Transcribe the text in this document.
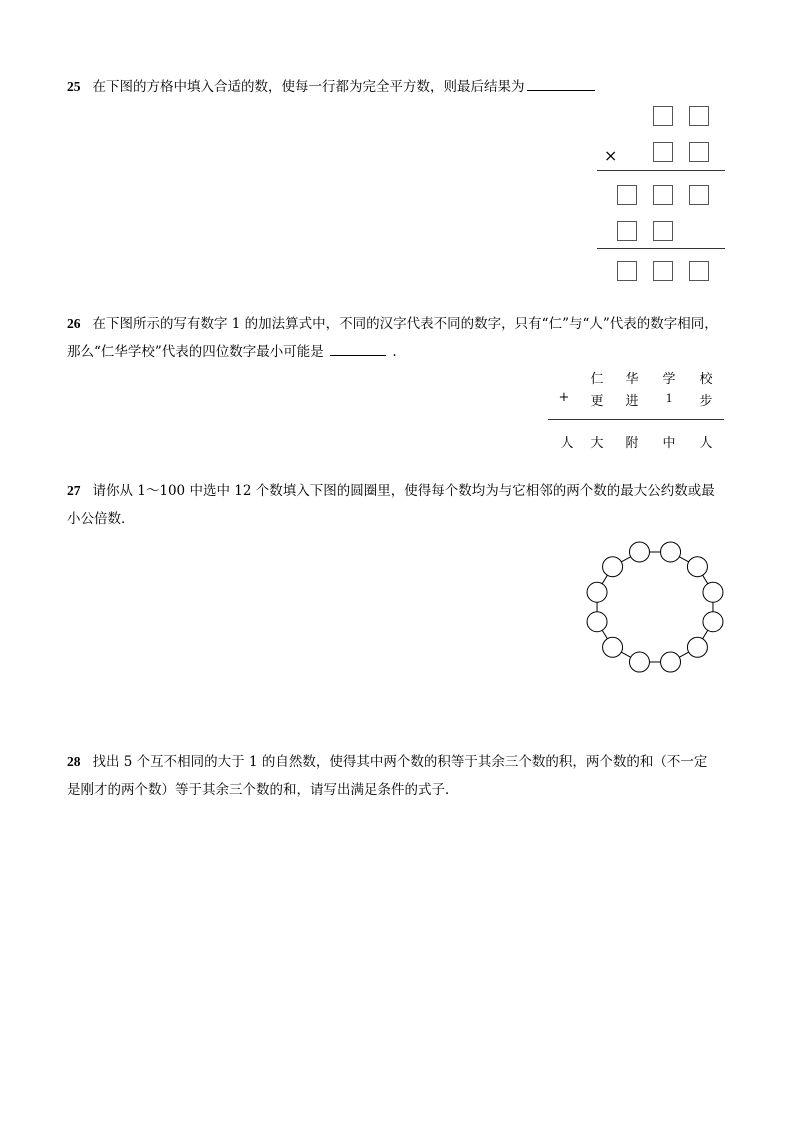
25 在下图的方格中填入合适的数，使每一行都为完全平方数，则最后结果为
×
26 在下图所示的写有数字 1 的加法算式中，不同的汉字代表不同的数字，只有“仁”与“人”代表的数字相同，
那么“仁华学校”代表的四位数字最小可能是	.
仁 华 学 校
+	更 进	1	步
人 大 附 中 人
27 请你从 1～100 中选中 12 个数填入下图的圆圈里，使得每个数均为与它相邻的两个数的最大公约数或最
小公倍数．
28 找出 5 个互不相同的大于 1 的自然数，使得其中两个数的积等于其余三个数的积，两个数的和（不一定
是刚才的两个数）等于其余三个数的和，请写出满足条件的式子．
